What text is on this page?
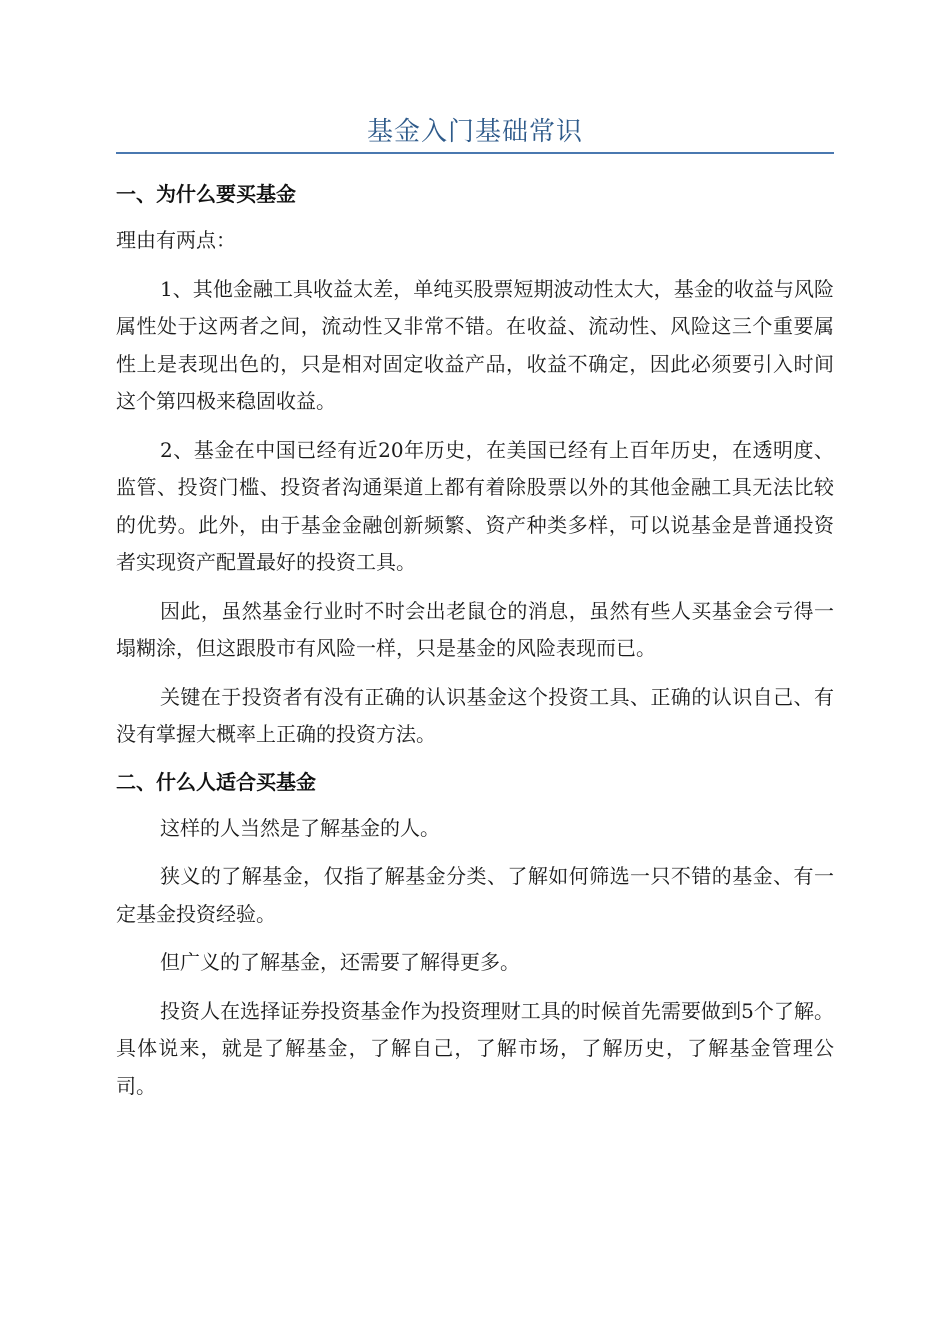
基金入门基础常识
一、为什么要买基金

理由有两点：

1、其他金融工具收益太差，单纯买股票短期波动性太大，基金的收益与风险属性处于这两者之间，流动性又非常不错。在收益、流动性、风险这三个重要属性上是表现出色的，只是相对固定收益产品，收益不确定，因此必须要引入时间这个第四极来稳固收益。

2、基金在中国已经有近20年历史，在美国已经有上百年历史，在透明度、监管、投资门槛、投资者沟通渠道上都有着除股票以外的其他金融工具无法比较的优势。此外，由于基金金融创新频繁、资产种类多样，可以说基金是普通投资者实现资产配置最好的投资工具。

因此，虽然基金行业时不时会出老鼠仓的消息，虽然有些人买基金会亏得一塌糊涂，但这跟股市有风险一样，只是基金的风险表现而已。

关键在于投资者有没有正确的认识基金这个投资工具、正确的认识自己、有没有掌握大概率上正确的投资方法。

二、什么人适合买基金

这样的人当然是了解基金的人。

狭义的了解基金，仅指了解基金分类、了解如何筛选一只不错的基金、有一定基金投资经验。

但广义的了解基金，还需要了解得更多。

投资人在选择证券投资基金作为投资理财工具的时候首先需要做到5个了解。具体说来，就是了解基金，了解自己，了解市场，了解历史，了解基金管理公司。
